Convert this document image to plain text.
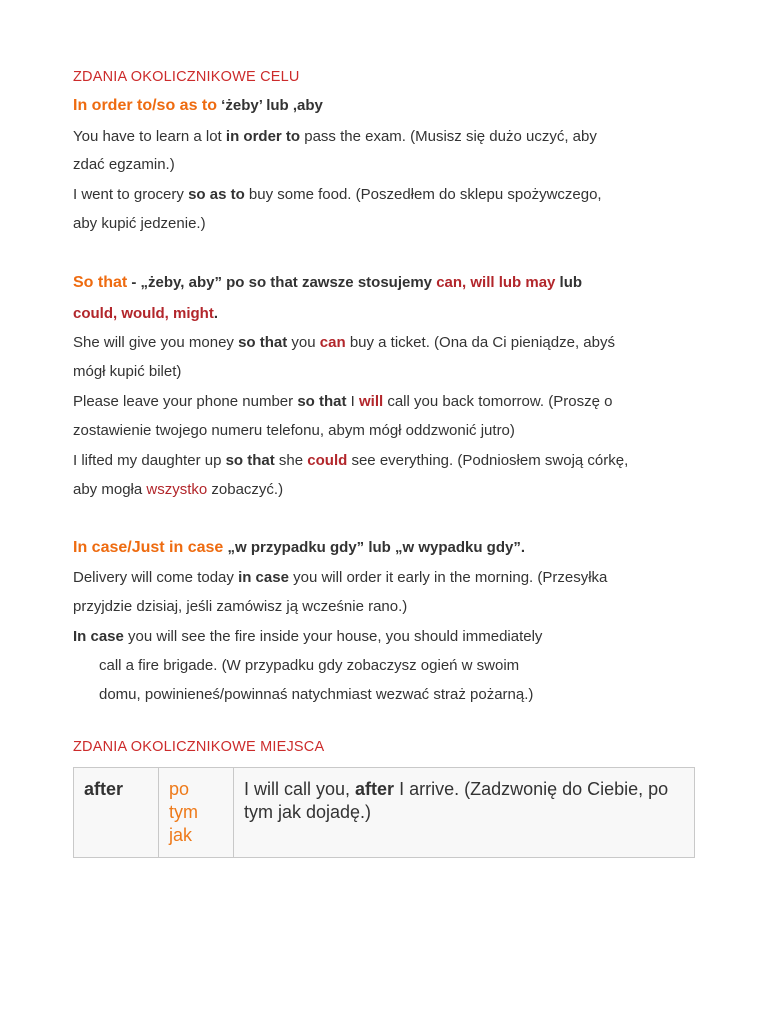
ZDANIA OKOLICZNIKOWE CELU
In order to/so as to ‘żeby’ lub ,aby
You have to learn a lot in order to pass the exam. (Musisz się dużo uczyć, aby
zdać egzamin.)
I went to grocery so as to buy some food. (Poszedłem do sklepu spożywczego,
aby kupić jedzenie.)
So that - „żeby, aby” po so that zawsze stosujemy can, will lub may lub
could, would, might.
She will give you money so that you can buy a ticket. (Ona da Ci pieniądze, abyś
mógł kupić bilet)
Please leave your phone number so that I will call you back tomorrow. (Proszę o
zostawienie twojego numeru telefonu, abym mógł oddzwonić jutro)
I lifted my daughter up so that she could see everything. (Podniosłem swoją córkę,
aby mogła wszystko zobaczyć.)
In case/Just in case „w przypadku gdy” lub „w wypadku gdy”.
Delivery will come today in case you will order it early in the morning. (Przesyłka
przyjdzie dzisiaj, jeśli zamówisz ją wcześnie rano.)
In case you will see the fire inside your house, you should immediately
call a fire brigade. (W przypadku gdy zobaczysz ogień w swoim
domu, powinieneś/powinnaś natychmiast wezwać straż pożarną.)
ZDANIA OKOLICZNIKOWE MIEJSCA
after	po tym jak	I will call you, after I arrive. (Zadzwonię do Ciebie, po tym jak dojadę.)
